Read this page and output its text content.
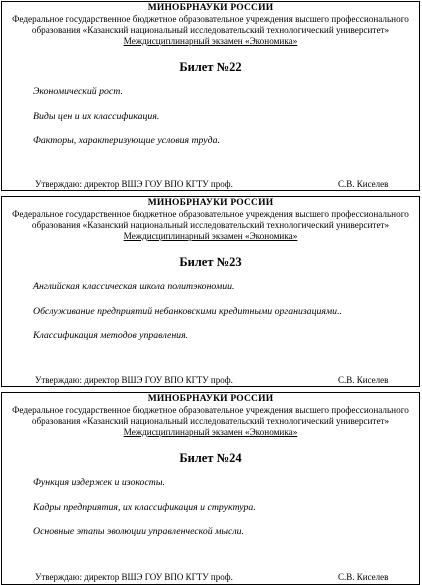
МИНОБРНАУКИ РОССИИ
Федеральное государственное бюджетное образовательное учреждения высшего профессионального
образования «Казанский национальный исследовательский технологический университет»
Междисциплинарный экзамен «Экономика»
Билет №22
Экономический рост.
Виды цен и их классификация.
Факторы, характеризующие условия труда.
Утверждаю: директор ВШЭ ГОУ ВПО КГТУ проф.	С.В. Киселев
МИНОБРНАУКИ РОССИИ
Федеральное государственное бюджетное образовательное учреждения высшего профессионального
образования «Казанский национальный исследовательский технологический университет»
Междисциплинарный экзамен «Экономика»
Билет №23
Английская классическая школа политэкономии.
Обслуживание предприятий небанковскими кредитными организациями..
Классификация методов управления.
Утверждаю: директор ВШЭ ГОУ ВПО КГТУ проф.	С.В. Киселев
МИНОБРНАУКИ РОССИИ
Федеральное государственное бюджетное образовательное учреждения высшего профессионального
образования «Казанский национальный исследовательский технологический университет»
Междисциплинарный экзамен «Экономика»
Билет №24
Функция издержек и изокосты.
Кадры предприятия, их классификация и структура.
Основные этапы эволюции управленческой мысли.
Утверждаю: директор ВШЭ ГОУ ВПО КГТУ проф.	С.В. Киселев
